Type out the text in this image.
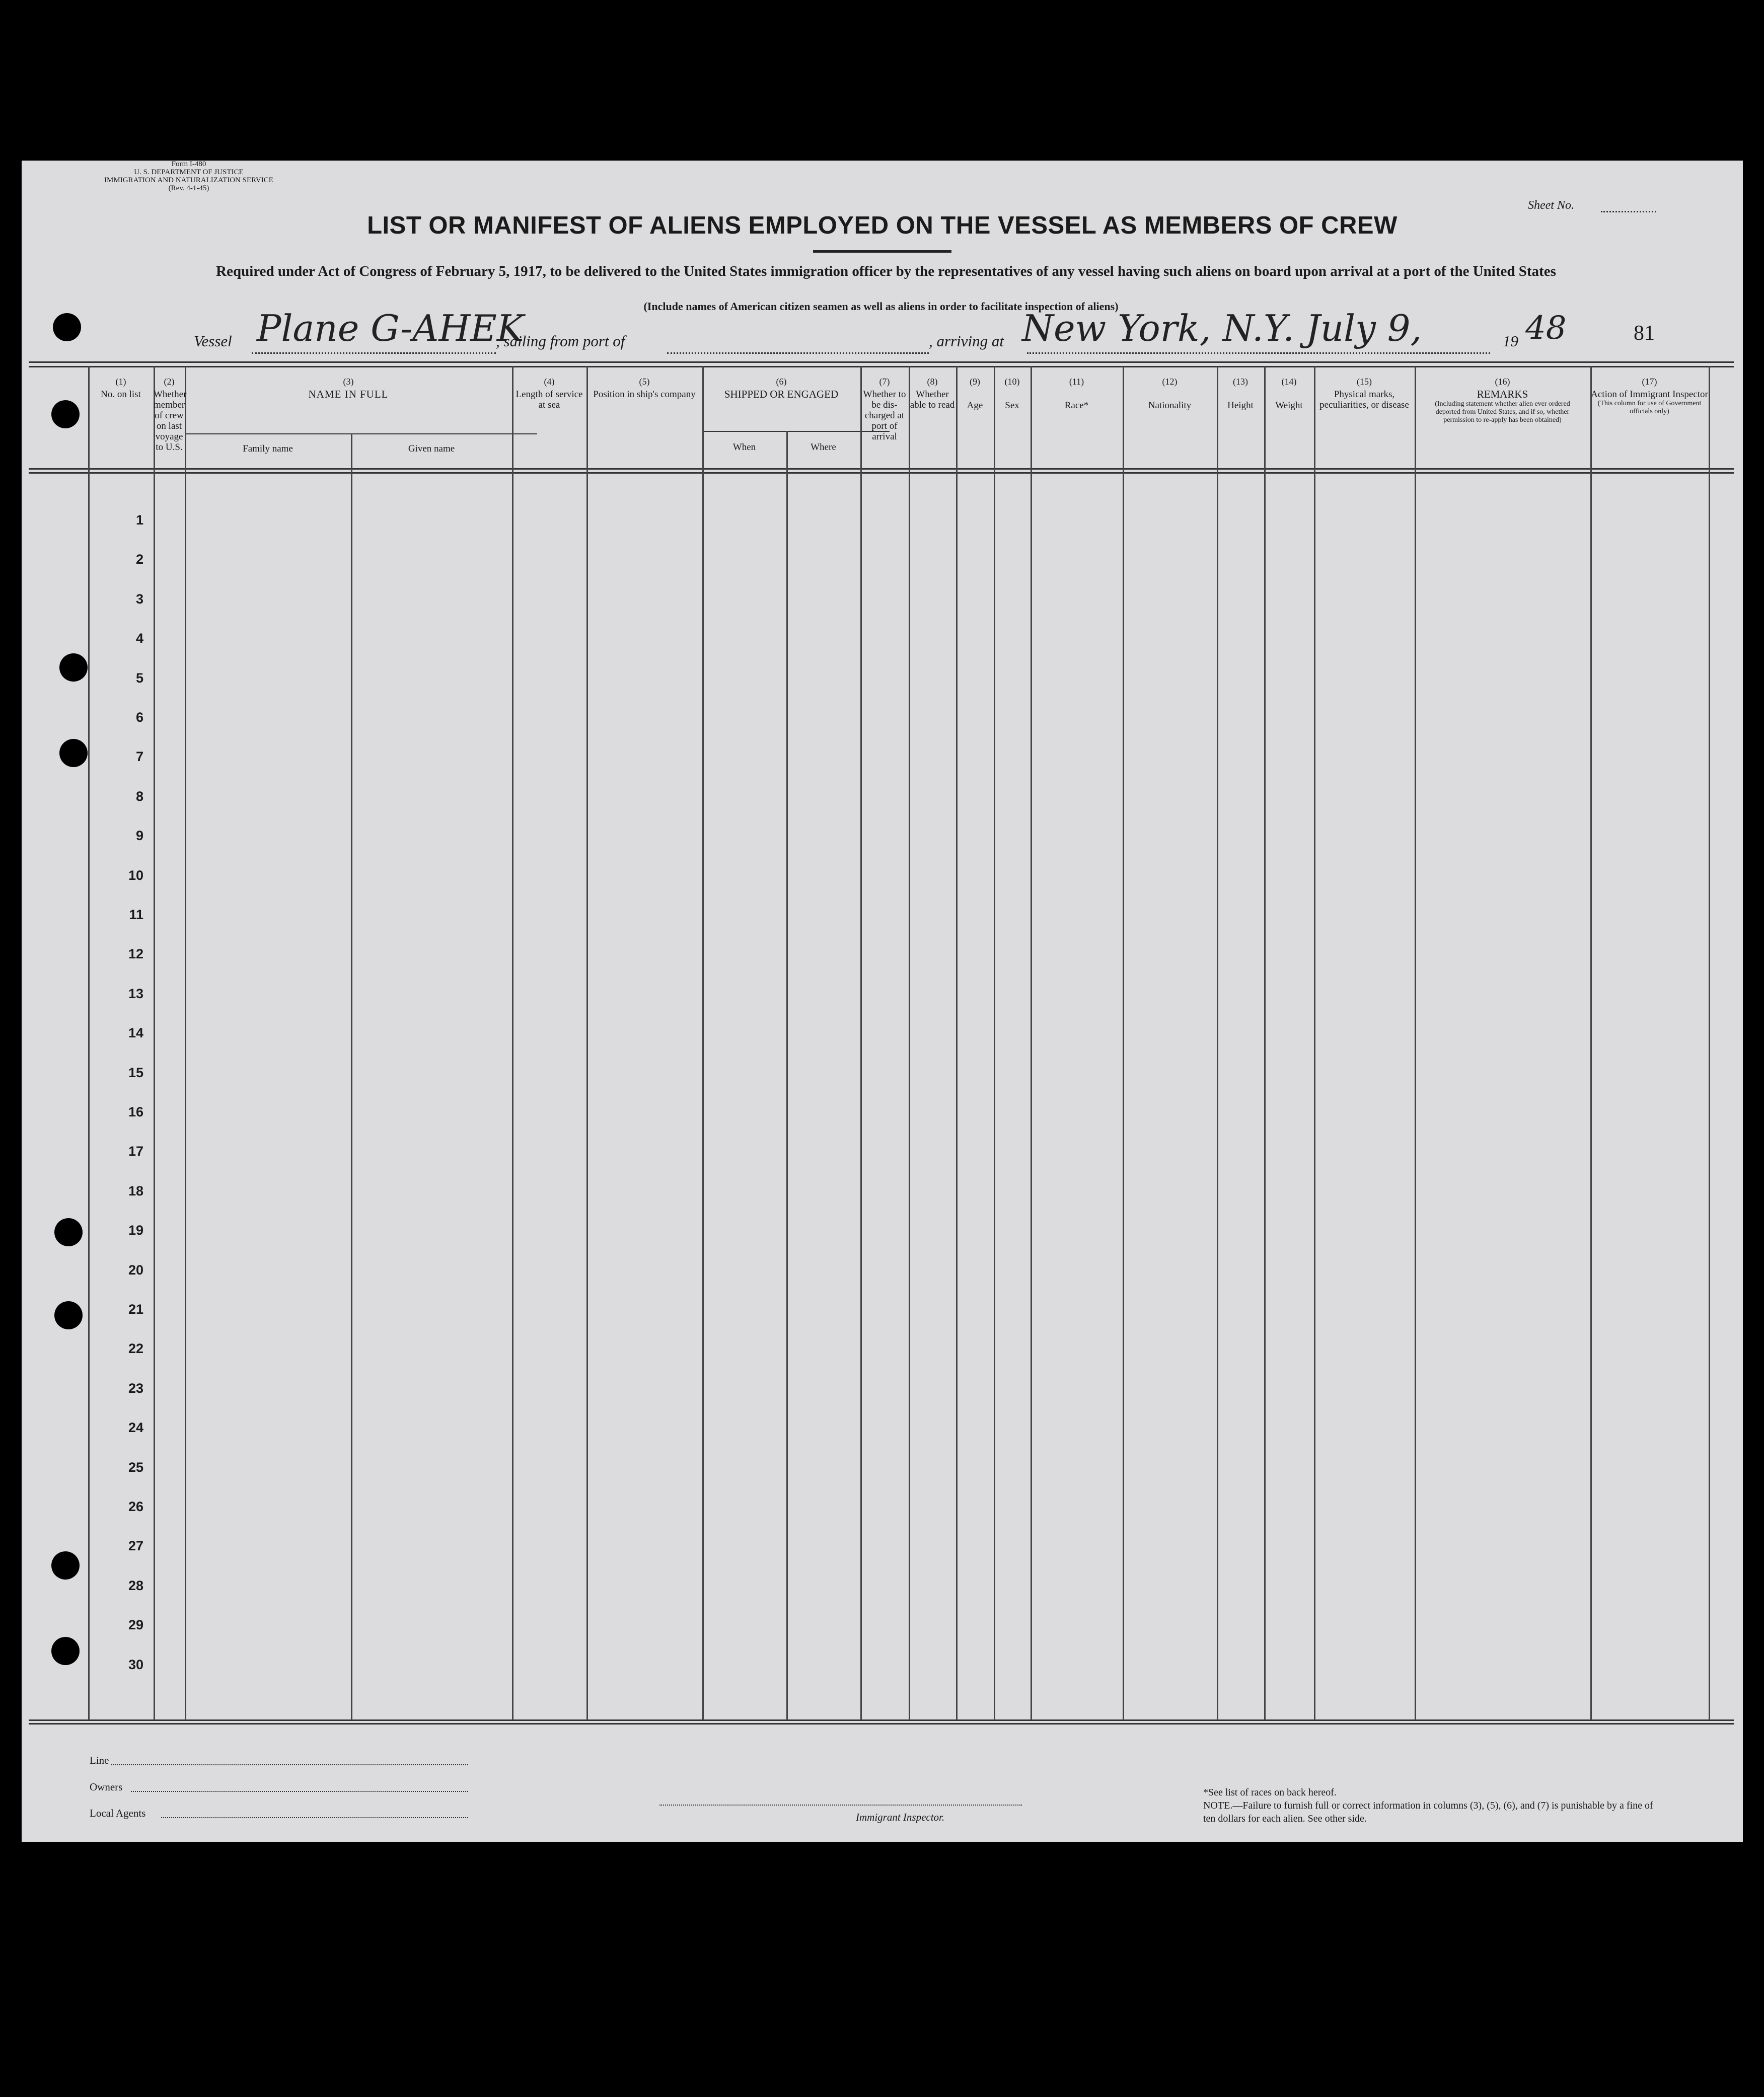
Form I-480
U. S. DEPARTMENT OF JUSTICE
IMMIGRATION AND NATURALIZATION SERVICE
(Rev. 4-1-45)
Sheet No.
LIST OR MANIFEST OF ALIENS EMPLOYED ON THE VESSEL AS MEMBERS OF CREW
Required under Act of Congress of February 5, 1917, to be delivered to the United States immigration officer by the representatives of any vessel having such aliens on board upon arrival at a port of the United States
(Include names of American citizen seamen as well as aliens in order to facilitate inspection of aliens)
Vessel Plane G-AHEK
, sailing from port of	, arriving at New York, N.Y. July 9,	19 48	81
(1)
No. on list
(2)
Whether member of crew on last voyage to U.S.
(3)
NAME IN FULL
Family name	Given name
(4)
Length of service at sea
(5)
Position in ship's company
(6)
SHIPPED OR ENGAGED
When	Where
(7)
Whether to be dis-charged at port of arrival
(8)
Whether able to read
(9)
Age
(10)
Sex
(11)
Race*
(12)
Nationality
(13)
Height
(14)
Weight
(15)
Physical marks, peculiarities, or disease
(16)
REMARKS
(Including statement whether alien ever ordered deported from United States, and if so, whether permission to re-apply has been obtained)
(17)
Action of Immigrant Inspector
(This column for use of Government officials only)
1
2
3
4
5
6
7
8
9
10
11
12
13
14
15
16
17
18
19
20
21
22
23
24
25
26
27
28
29
30
Line
Owners
Local Agents	Immigrant Inspector.
*See list of races on back hereof.
NOTE.—Failure to furnish full or correct information in columns (3), (5), (6), and (7) is punishable by a fine of ten dollars for each alien. See other side.
